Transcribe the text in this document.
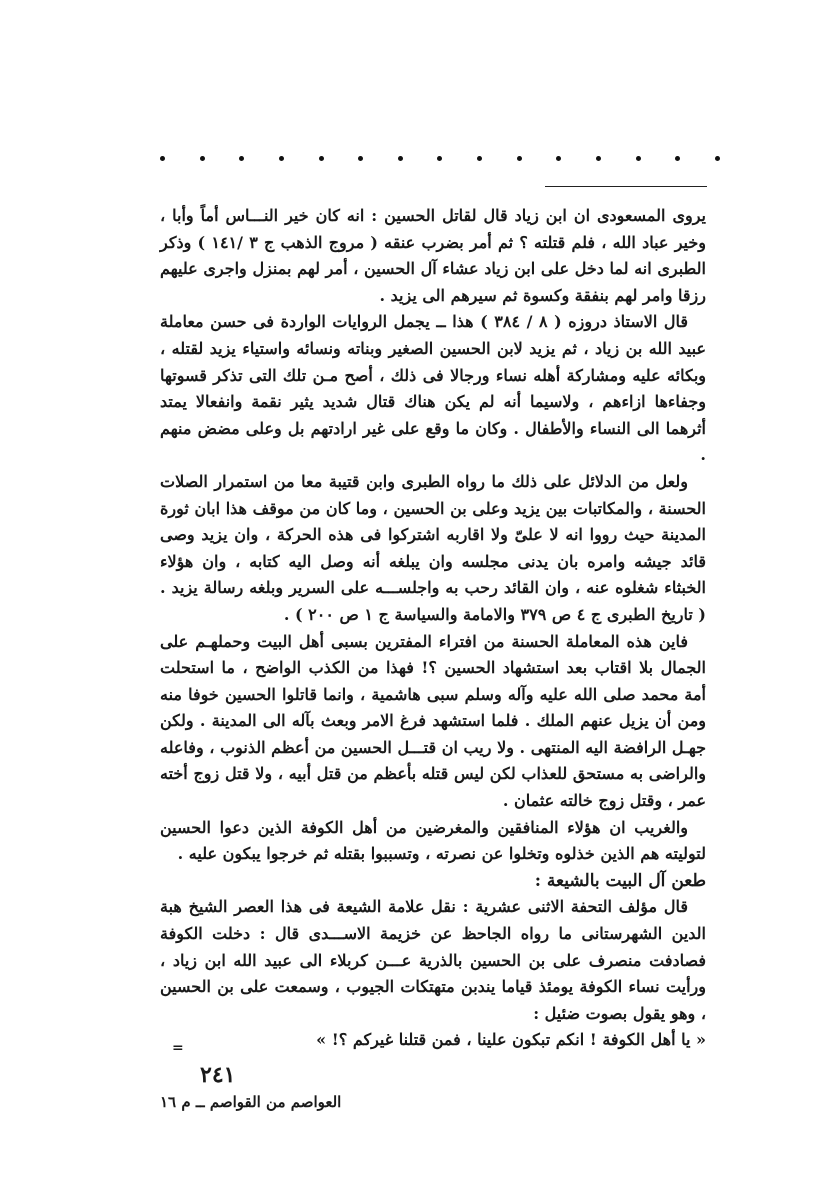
يروى المسعودى ان ابن زياد قال لقاتل الحسين : انه كان خير النـــاس أماً وأبا ، وخير عباد الله ، فلم قتلته ؟ ثم أمر بضرب عنقه ( مروج الذهب ج ٣ /١٤١ ) وذكر الطبرى انه لما دخل على ابن زياد عشاء آل الحسين ، أمر لهم بمنزل واجرى عليهم رزقا وامر لهم بنفقة وكسوة ثم سيرهم الى يزيد .

قال الاستاذ دروزه ( ٨ / ٣٨٤ ) هذا ــ يجمل الروايات الواردة فى حسن معاملة عبيد الله بن زياد ، ثم يزيد لابن الحسين الصغير وبناته ونسائه واستياء يزيد لقتله ، وبكائه عليه ومشاركة أهله نساء ورجالا فى ذلك ، أصح مـن تلك التى تذكر قسوتها وجفاءها ازاءهم ، ولاسيما أنه لم يكن هناك قتال شديد يثير نقمة وانفعالا يمتد أثرهما الى النساء والأطفال . وكان ما وقع على غير ارادتهم بل وعلى مضض منهم .

ولعل من الدلائل على ذلك ما رواه الطبرى وابن قتيبة معا من استمرار الصلات الحسنة ، والمكاتبات بين يزيد وعلى بن الحسين ، وما كان من موقف هذا ابان ثورة المدينة حيث رووا انه لا علىّ ولا اقاربه اشتركوا فى هذه الحركة ، وان يزيد وصى قائد جيشه وامره بان يدنى مجلسه وان يبلغه أنه وصل اليه كتابه ، وان هؤلاء الخبثاء شغلوه عنه ، وان القائد رحب به واجلســـه على السرير وبلغه رسالة يزيد . ( تاريخ الطبرى ج ٤ ص ٣٧٩ والامامة والسياسة ج ١ ص ٢٠٠ ) .

فاين هذه المعاملة الحسنة من افتراء المفترين بسبى أهل البيت وحملهـم على الجمال بلا اقتاب بعد استشهاد الحسين ؟! فهذا من الكذب الواضح ، ما استحلت أمة محمد صلى الله عليه وآله وسلم سبى هاشمية ، وانما قاتلوا الحسين خوفا منه ومن أن يزيل عنهم الملك . فلما استشهد فرغ الامر وبعث بآله الى المدينة . ولكن جهـل الرافضة اليه المنتهى . ولا ريب ان قتـــل الحسين من أعظم الذنوب ، وفاعله والراضى به مستحق للعذاب لكن ليس قتله بأعظم من قتل أبيه ، ولا قتل زوج أخته عمر ، وقتل زوج خالته عثمان .

والغريب ان هؤلاء المنافقين والمغرضين من أهل الكوفة الذين دعوا الحسين لتوليته هم الذين خذلوه وتخلوا عن نصرته ، وتسببوا بقتله ثم خرجوا يبكون عليه .

طعن آل البيت بالشيعة :

قال مؤلف التحفة الاثنى عشرية : نقل علامة الشيعة فى هذا العصر الشيخ هبة الدين الشهرستانى ما رواه الجاحظ عن خزيمة الاســـدى قال : دخلت الكوفة فصادفت منصرف على بن الحسين بالذرية عـــن كربلاء الى عبيد الله ابن زياد ، ورأيت نساء الكوفة يومئذ قياما يندبن متهتكات الجيوب ، وسمعت على بن الحسين ، وهو يقول بصوت ضئيل :

« يا أهل الكوفة ! انكم تبكون علينا ، فمن قتلنا غيركم ؟! »

=
٢٤١
العواصم من القواصم ــ م ١٦
